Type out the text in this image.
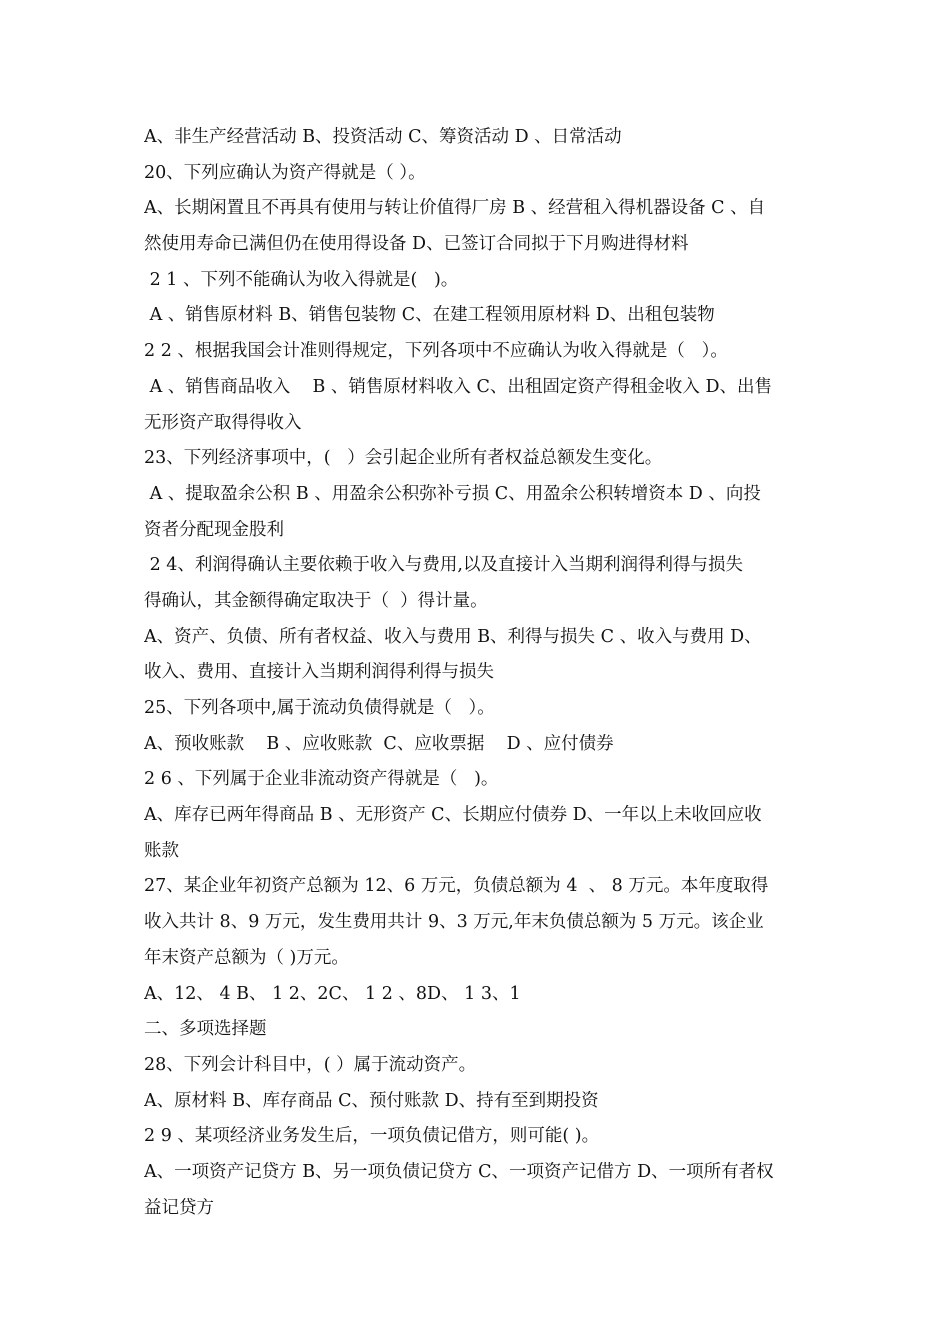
A、非生产经营活动 B、投资活动 C、筹资活动 D 、日常活动
20、下列应确认为资产得就是（ ）。
A、长期闲置且不再具有使用与转让价值得厂房 B 、经营租入得机器设备 C 、自
然使用寿命已满但仍在使用得设备 D、已签订合同拟于下月购进得材料
2 1 、下列不能确认为收入得就是(   )。
A 、销售原材料 B、销售包装物 C、在建工程领用原材料 D、出租包装物
2 2 、根据我国会计准则得规定，下列各项中不应确认为收入得就是（   ）。
A 、销售商品收入    B 、销售原材料收入 C、出租固定资产得租金收入 D、出售
无形资产取得得收入
23、下列经济事项中，(   ）会引起企业所有者权益总额发生变化。
A 、提取盈余公积 B 、用盈余公积弥补亏损 C、用盈余公积转增资本 D 、向投
资者分配现金股利
2 4、利润得确认主要依赖于收入与费用,以及直接计入当期利润得利得与损失
得确认，其金额得确定取决于（  ）得计量。
A、资产、负债、所有者权益、收入与费用 B、利得与损失 C 、收入与费用 D、
收入、费用、直接计入当期利润得利得与损失
25、下列各项中,属于流动负债得就是（   ）。
A、预收账款    B 、应收账款  C、应收票据    D 、应付债券
2 6 、下列属于企业非流动资产得就是（   )。
A、库存已两年得商品 B 、无形资产 C、长期应付债券 D、一年以上未收回应收
账款
27、某企业年初资产总额为 12、6 万元，负债总额为 4  、 8 万元。本年度取得
收入共计 8、9 万元，发生费用共计 9、3 万元,年末负债总额为 5 万元。该企业
年末资产总额为（ )万元。
A、12、 4 B、 1 2、2C、 1 2 、8D、 1 3、1
二、多项选择题
28、下列会计科目中，( ）属于流动资产。
A、原材料 B、库存商品 C、预付账款 D、持有至到期投资
2 9 、某项经济业务发生后，一项负债记借方，则可能( )。
A、一项资产记贷方 B、另一项负债记贷方 C、一项资产记借方 D、一项所有者权
益记贷方
